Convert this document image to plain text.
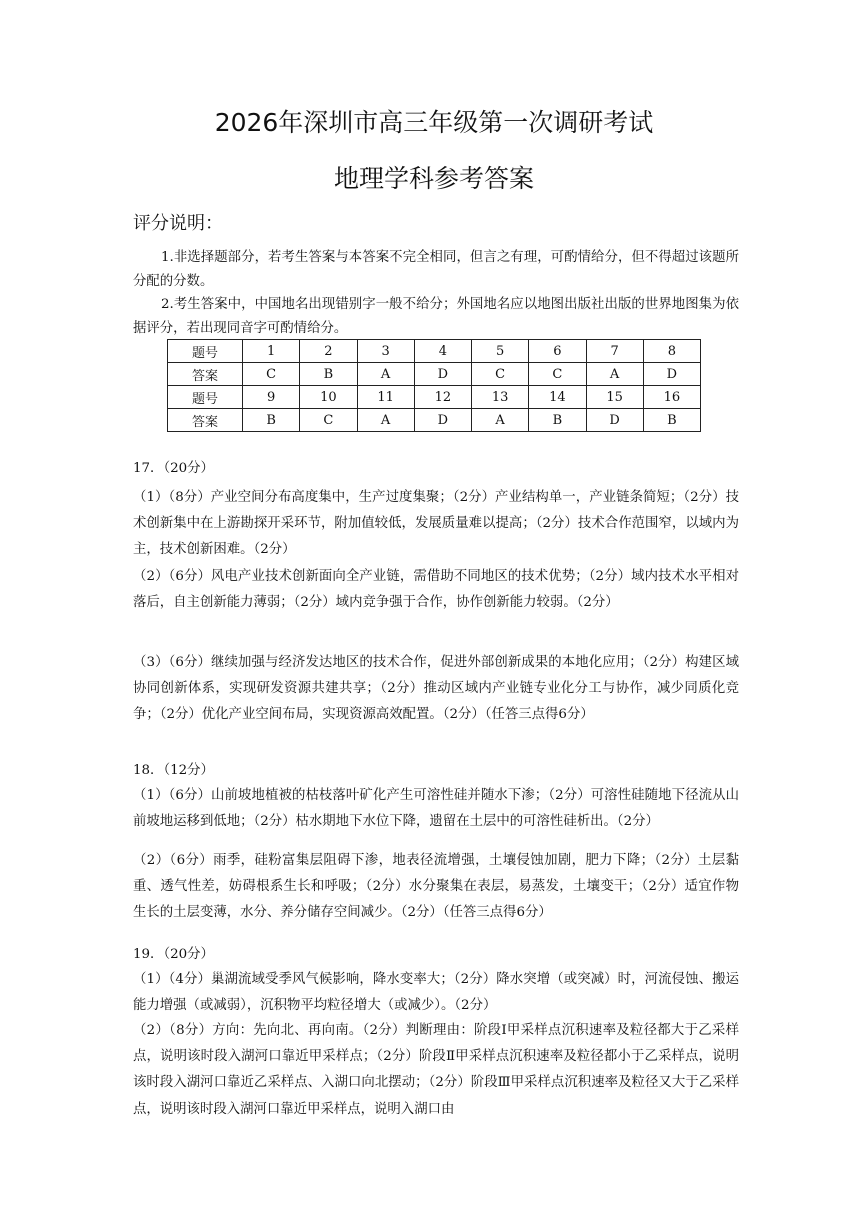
2026年深圳市高三年级第一次调研考试
地理学科参考答案
评分说明：
1.非选择题部分，若考生答案与本答案不完全相同，但言之有理，可酌情给分，但不得超过该题所分配的分数。
2.考生答案中，中国地名出现错别字一般不给分；外国地名应以地图出版社出版的世界地图集为依据评分，若出现同音字可酌情给分。
题号	1	2	3	4	5	6	7	8
答案	C	B	A	D	C	C	A	D
题号	9	10	11	12	13	14	15	16
答案	B	C	A	D	A	B	D	B
17．（20分）
（1）（8分）产业空间分布高度集中，生产过度集聚；（2分）产业结构单一，产业链条简短；（2分）技术创新集中在上游勘探开采环节，附加值较低，发展质量难以提高；（2分）技术合作范围窄，以域内为主，技术创新困难。（2分）
（2）（6分）风电产业技术创新面向全产业链，需借助不同地区的技术优势；（2分）域内技术水平相对落后，自主创新能力薄弱；（2分）域内竞争强于合作，协作创新能力较弱。（2分）
（3）（6分）继续加强与经济发达地区的技术合作，促进外部创新成果的本地化应用；（2分）构建区域协同创新体系，实现研发资源共建共享；（2分）推动区域内产业链专业化分工与协作，减少同质化竞争；（2分）优化产业空间布局，实现资源高效配置。（2分）（任答三点得6分）
18．（12分）
（1）（6分）山前坡地植被的枯枝落叶矿化产生可溶性硅并随水下渗；（2分）可溶性硅随地下径流从山前坡地运移到低地；（2分）枯水期地下水位下降，遗留在土层中的可溶性硅析出。（2分）
（2）（6分）雨季，硅粉富集层阻碍下渗，地表径流增强，土壤侵蚀加剧，肥力下降；（2分）土层黏重、透气性差，妨碍根系生长和呼吸；（2分）水分聚集在表层，易蒸发，土壤变干；（2分）适宜作物生长的土层变薄，水分、养分储存空间减少。（2分）（任答三点得6分）
19．（20分）
（1）（4分）巢湖流域受季风气候影响，降水变率大；（2分）降水突增（或突减）时，河流侵蚀、搬运能力增强（或减弱），沉积物平均粒径增大（或减少）。（2分）
（2）（8分）方向：先向北、再向南。（2分）判断理由：阶段Ⅰ甲采样点沉积速率及粒径都大于乙采样点，说明该时段入湖河口靠近甲采样点；（2分）阶段Ⅱ甲采样点沉积速率及粒径都小于乙采样点，说明该时段入湖河口靠近乙采样点、入湖口向北摆动；（2分）阶段Ⅲ甲采样点沉积速率及粒径又大于乙采样点，说明该时段入湖河口靠近甲采样点，说明入湖口由
